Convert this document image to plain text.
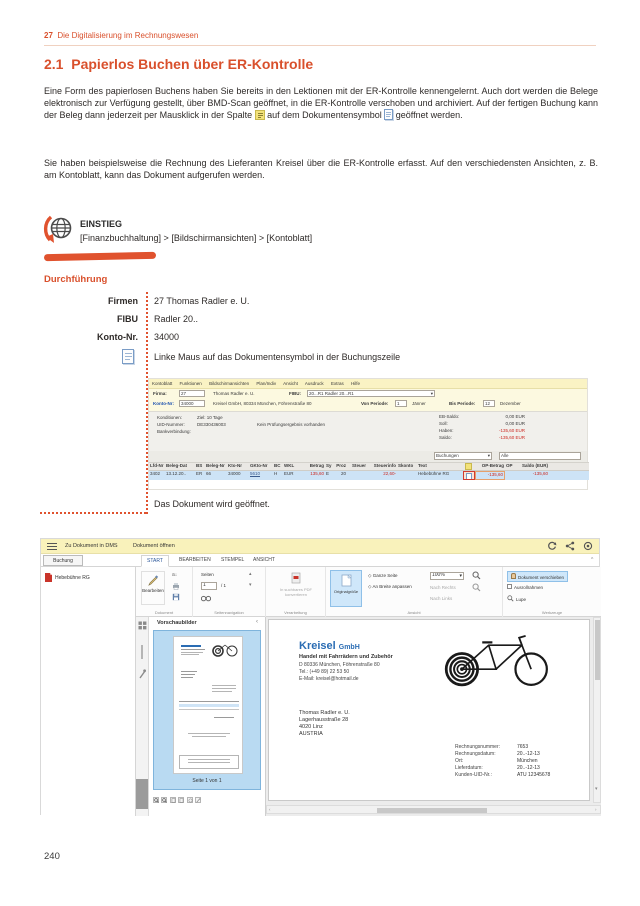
27 Die Digitalisierung im Rechnungswesen
2.1 Papierlos Buchen über ER-Kontrolle
Eine Form des papierlosen Buchens haben Sie bereits in den Lektionen mit der ER-Kontrolle kennengelernt. Auch dort werden die Belege elektronisch zur Verfügung gestellt, über BMD-Scan geöffnet, in die ER-Kontrolle verschoben und archiviert. Auf der fertigen Buchung kann der Beleg dann jederzeit per Mausklick in der Spalte auf dem Dokumentensymbol geöffnet werden.
Sie haben beispielsweise die Rechnung des Lieferanten Kreisel über die ER-Kontrolle erfasst. Auf den verschiedensten Ansichten, z. B. am Kontoblatt, kann das Dokument aufgerufen werden.
EINSTIEG
[Finanzbuchhaltung] > [Bildschirmansichten] > [Kontoblatt]
Durchführung
Firmen 27 Thomas Radler e. U.
FIBU Radler 20..
Konto-Nr. 34000
Linke Maus auf das Dokumentensymbol in der Buchungszeile
Kontoblatt Funktionen Bildschirmansichten Plan/Indiv Ansicht Ausdruck Extras Hilfe
Firma:	27	Thomas Radler e. U.	FIBU:	20...R1 Radler 20...R1	▾
Konto-Nr:	34000	Kreisel GmbH, 80334 München, Föhrenstraße 80	Von Periode:	1	Jänner	Bis Periode:	12	Dezember
Konditionen:	Ziel: 10 Tage
UID-Nummer:	DE330436003	Kein Prüfungsergebnis vorhanden
Bankverbindung:
EB-Saldo:	0,00 EUR
Soll:	0,00 EUR
Haben:	-135,60 EUR
Saldo:	-135,60 EUR
Buchungen	▾	Alle
Lfd-Nr Beleg-Dat	BS Beleg-Nr Kto-Nr	GKto-Nr	BC WKL	Betrag Sy	Proz	Steuer	Steuerinfo Skonto	Text	OP-Betrag OP	Saldo (EUR)
3402	13.12.20..	ER 66	34000	5610	H	EUR	135,60 E	20	22,60-	Hebebühne RG	-135,60	-135,60
Das Dokument wird geöffnet.
Zu Dokument in DMS	Dokument öffnen
Buchung	START	BEARBEITEN STEMPEL ANSICHT	^
Hebebühne RG
Bearbeiten
a↓
Dokument
Seiten	▴
1	/ 1	▾
Seitennavigation
In suchbares PDF konvertieren
Verarbeitung
Originalgröße
◇ Ganze Seite
◇ An Breite anpassen
100%	▾
Nach Rechts
Nach Links
Ansicht
Dokument verschieben
Ausrollrahmen
Lupe
Werkzeuge
Vorschaubilder	‹
Seite 1 von 1

Kreisel GmbH
Handel mit Fahrrädern und Zubehör
D 80336 München, Föhrenstraße 80
Tel.: (+49 89) 22 53 50
E-Mail: kreisel@hotmail.de
Thomas Radler e. U.
Lagerhausstraße 28
4020 Linz
AUSTRIA
Rechnungsnummer:	7653
Rechnungsdatum:	20..-12-13
Ort:	München
Lieferdatum:	20..-12-13
Kunden-UID-Nr.:	ATU 12345678
▾
‹	›
240
